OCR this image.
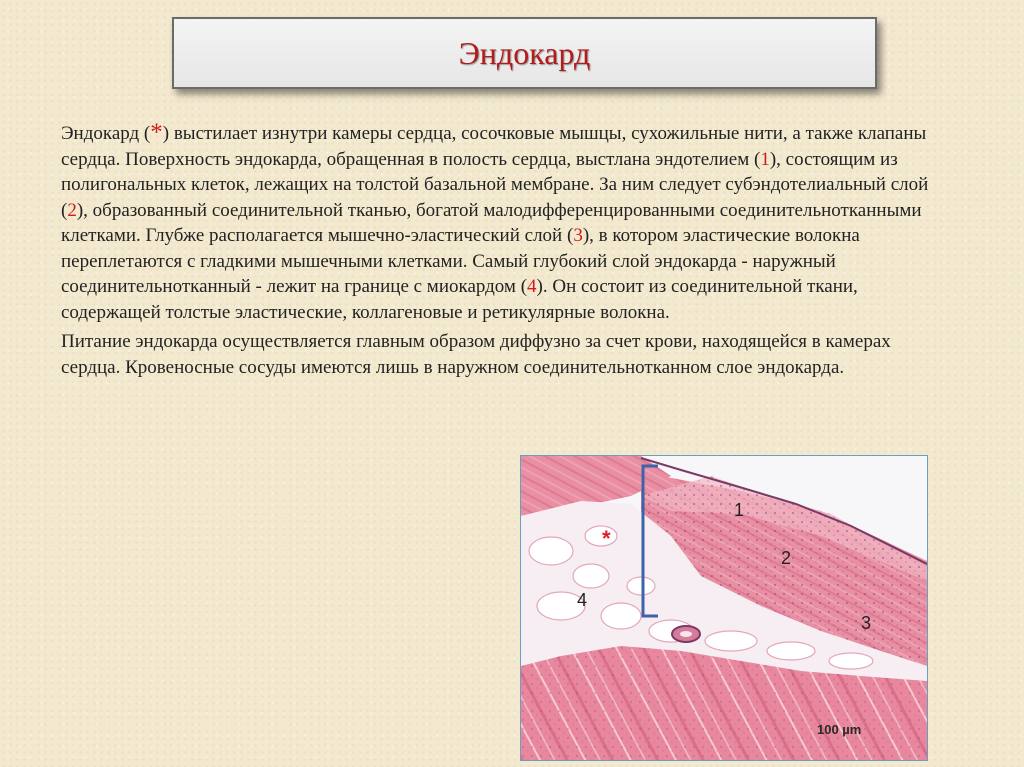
Эндокард

Эндокард (*) выстилает изнутри камеры сердца, сосочковые мышцы, сухожильные нити, а также клапаны сердца. Поверхность эндокарда, обращенная в полость сердца, выстлана эндотелием (1), состоящим из полигональных клеток, лежащих на толстой базальной мембране. За ним следует субэндотелиальный слой (2), образованный соединительной тканью, богатой малодифференцированными соединительнотканными клетками. Глубже располагается мышечно-эластический слой (3), в котором эластические волокна переплетаются с гладкими мышечными клетками. Самый глубокий слой эндокарда - наружный соединительнотканный - лежит на границе с миокардом (4). Он состоит из соединительной ткани, содержащей толстые эластические, коллагеновые и ретикулярные волокна.

Питание эндокарда осуществляется главным образом диффузно за счет крови, находящейся в камерах сердца. Кровеносные сосуды имеются лишь в наружном соединительнотканном слое эндокарда.

1
2
3
4
*
100 µm
